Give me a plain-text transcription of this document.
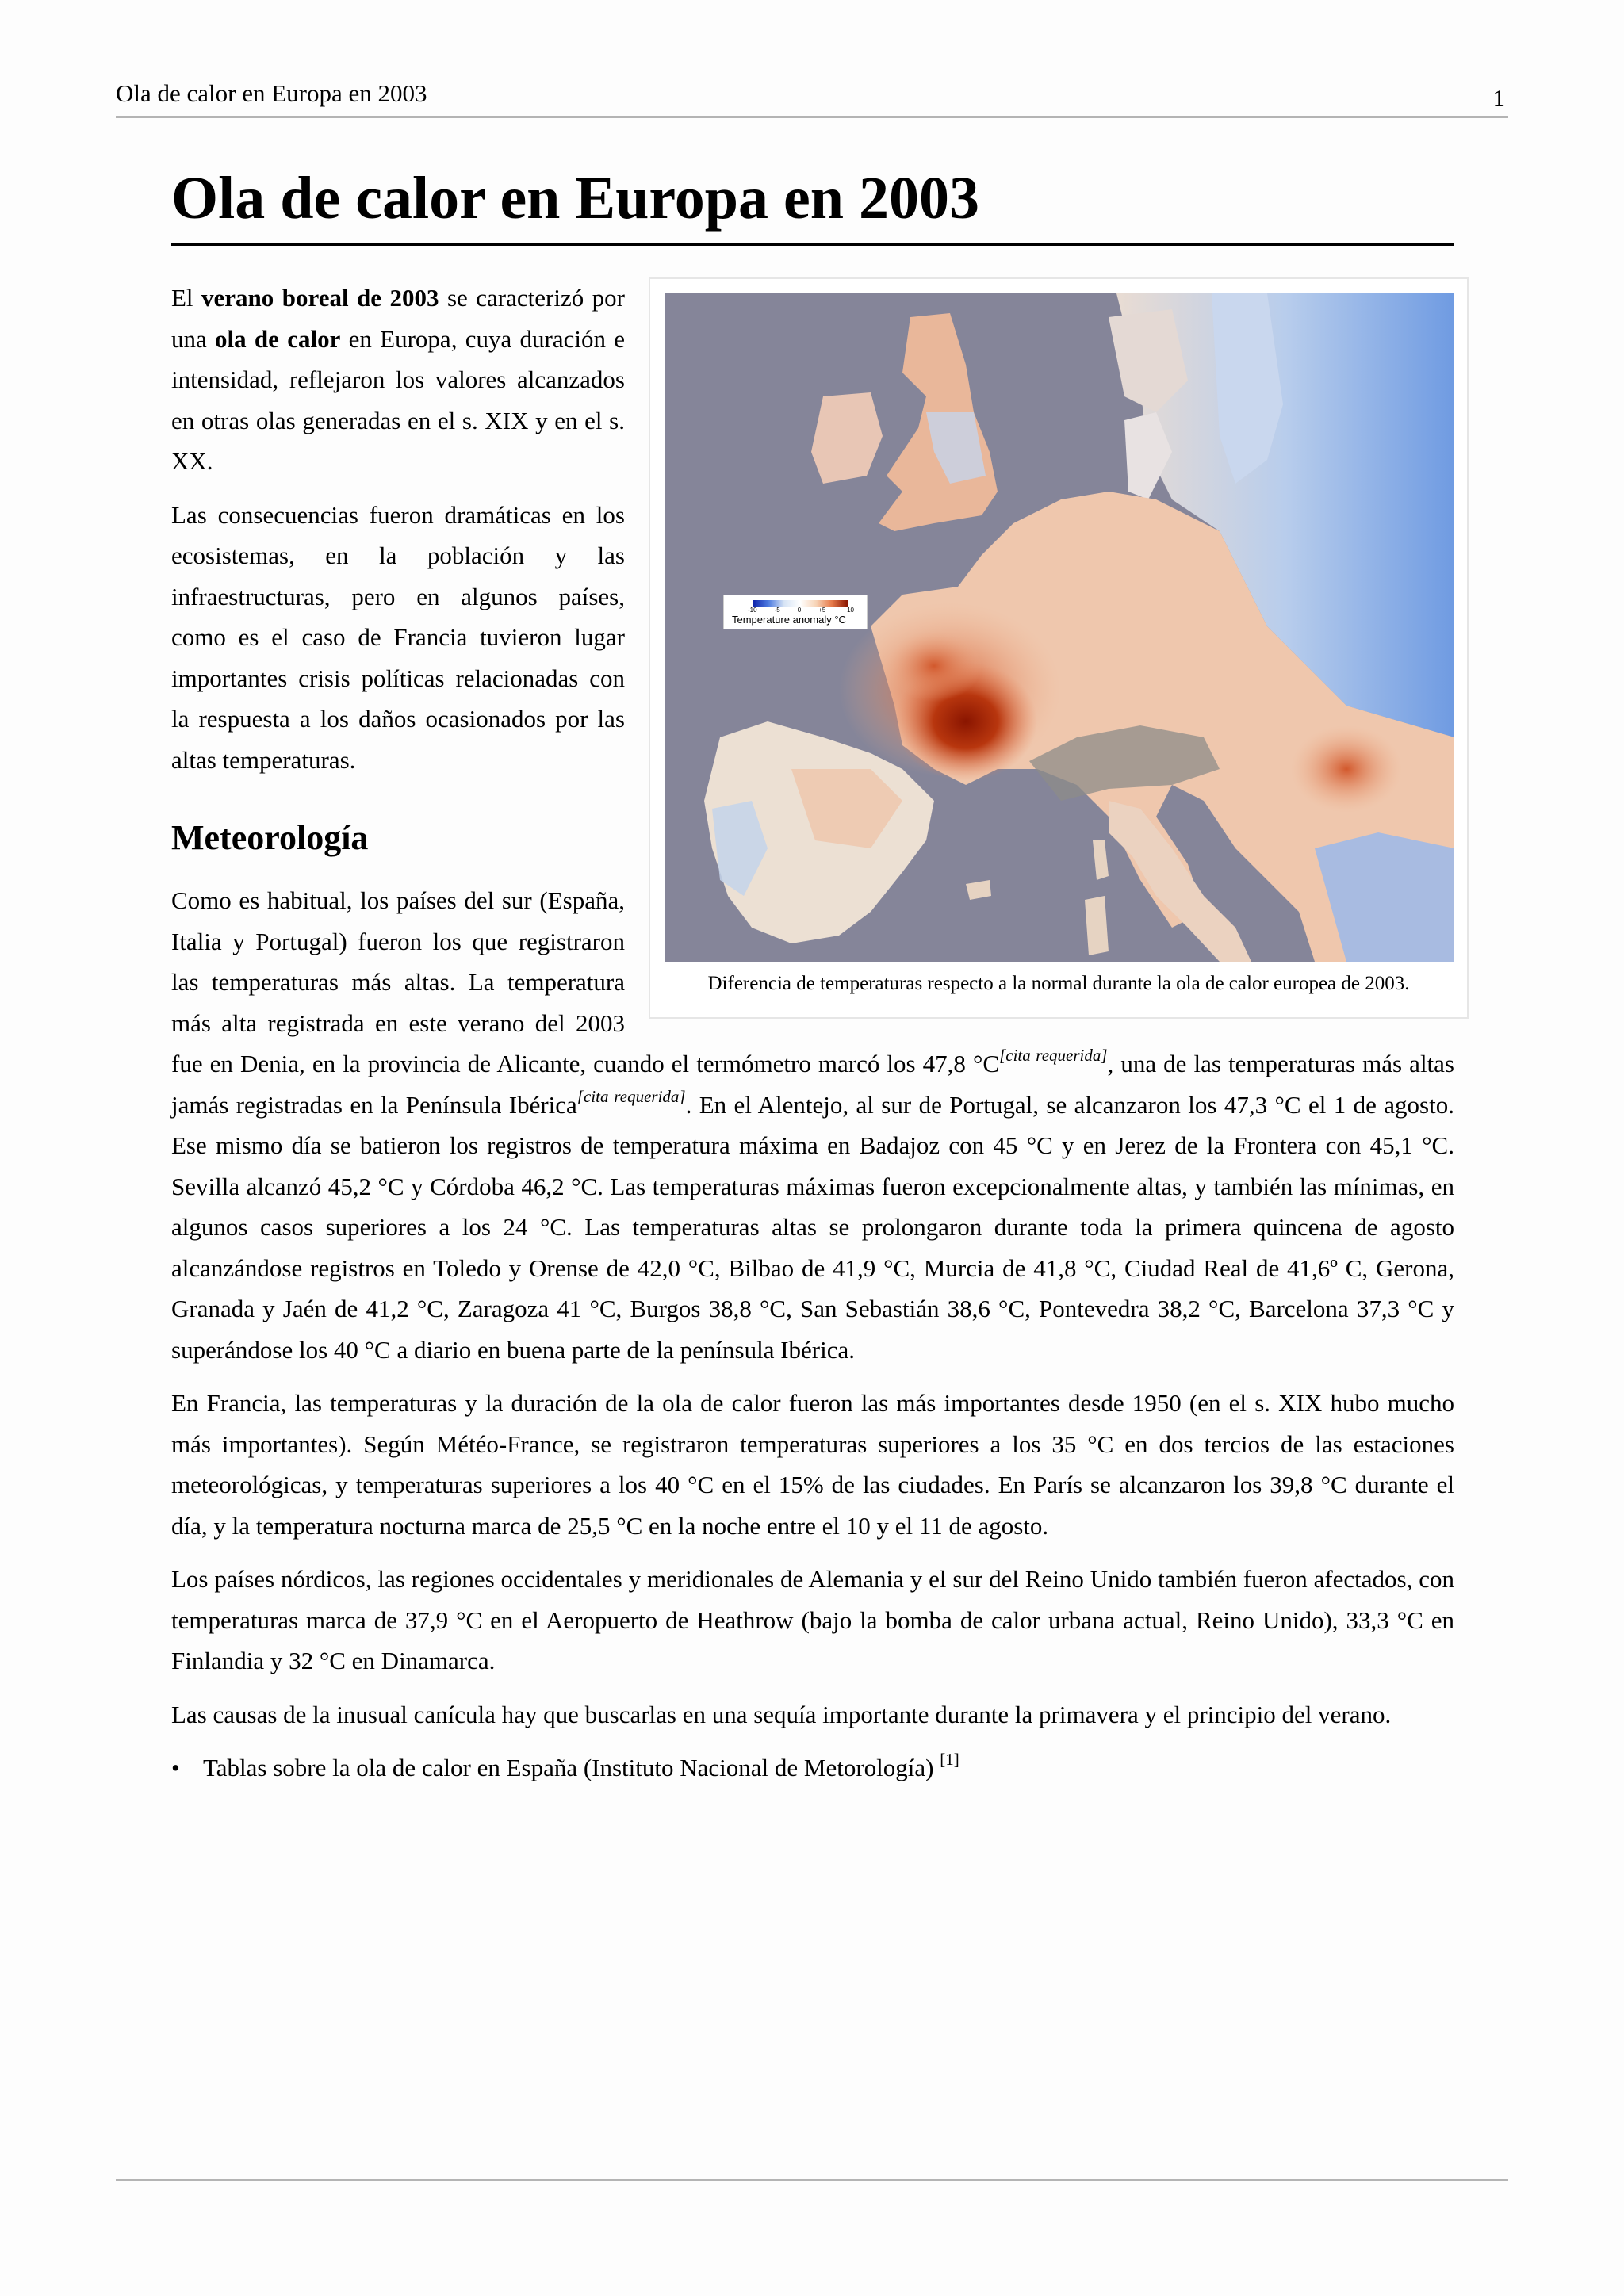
Ola de calor en Europa en 2003	1
Ola de calor en Europa en 2003
-10	-5	0	+5	+10
Temperature anomaly °C
Diferencia de temperaturas respecto a la normal durante la ola de calor europea de 2003.

El verano boreal de 2003 se caracterizó por una ola de calor en Europa, cuya duración e intensidad, reflejaron los valores alcanzados en otras olas generadas en el s. XIX y en el s. XX.

Las consecuencias fueron dramáticas en los ecosistemas, en la población y las infraestructuras, pero en algunos países, como es el caso de Francia tuvieron lugar importantes crisis políticas relacionadas con la respuesta a los daños ocasionados por las altas temperaturas.

Meteorología

Como es habitual, los países del sur (España, Italia y Portugal) fueron los que registraron las temperaturas más altas. La temperatura más alta registrada en este verano del 2003 fue en Denia, en la provincia de Alicante, cuando el termómetro marcó los 47,8 °C[cita requerida], una de las temperaturas más altas jamás registradas en la Península Ibérica[cita requerida]. En el Alentejo, al sur de Portugal, se alcanzaron los 47,3 °C el 1 de agosto. Ese mismo día se batieron los registros de temperatura máxima en Badajoz con 45 °C y en Jerez de la Frontera con 45,1 °C. Sevilla alcanzó 45,2 °C y Córdoba 46,2 °C. Las temperaturas máximas fueron excepcionalmente altas, y también las mínimas, en algunos casos superiores a los 24 °C. Las temperaturas altas se prolongaron durante toda la primera quincena de agosto alcanzándose registros en Toledo y Orense de 42,0 °C, Bilbao de 41,9 °C, Murcia de 41,8 °C, Ciudad Real de 41,6º C, Gerona, Granada y Jaén de 41,2 °C, Zaragoza 41 °C, Burgos 38,8 °C, San Sebastián 38,6 °C, Pontevedra 38,2 °C, Barcelona 37,3 °C y superándose los 40 °C a diario en buena parte de la península Ibérica.

En Francia, las temperaturas y la duración de la ola de calor fueron las más importantes desde 1950 (en el s. XIX hubo mucho más importantes). Según Météo-France, se registraron temperaturas superiores a los 35 °C en dos tercios de las estaciones meteorológicas, y temperaturas superiores a los 40 °C en el 15% de las ciudades. En París se alcanzaron los 39,8 °C durante el día, y la temperatura nocturna marca de 25,5 °C en la noche entre el 10 y el 11 de agosto.

Los países nórdicos, las regiones occidentales y meridionales de Alemania y el sur del Reino Unido también fueron afectados, con temperaturas marca de 37,9 °C en el Aeropuerto de Heathrow (bajo la bomba de calor urbana actual, Reino Unido), 33,3 °C en Finlandia y 32 °C en Dinamarca.

Las causas de la inusual canícula hay que buscarlas en una sequía importante durante la primavera y el principio del verano.

• Tablas sobre la ola de calor en España (Instituto Nacional de Metorología) [1]
